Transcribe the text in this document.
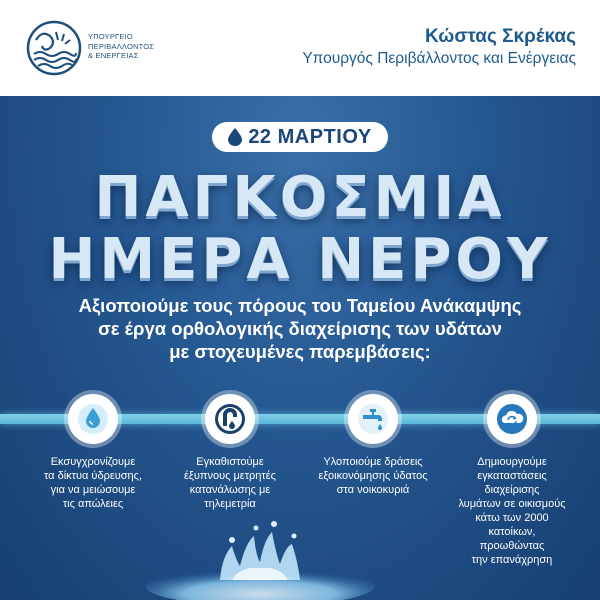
ΥΠΟΥΡΓΕΙΟ
ΠΕΡΙΒΑΛΛΟΝΤΟΣ
& ΕΝΕΡΓΕΙΑΣ
Κώστας Σκρέκας
Υπουργός Περιβάλλοντος και Ενέργειας
22 ΜΑΡΤΙΟΥ
ΠΑΓΚΟΣΜΙΑ
ΗΜΕΡΑ ΝΕΡΟΥ
Αξιοποιούμε τους πόρους του Ταμείου Ανάκαμψης
σε έργα ορθολογικής διαχείρισης των υδάτων
με στοχευμένες παρεμβάσεις:
Εκσυγχρονίζουμε
τα δίκτυα ύδρευσης,
για να μειώσουμε
τις απώλειες
Εγκαθιστούμε
έξυπνους μετρητές
κατανάλωσης με
τηλεμετρία
Υλοποιούμε δράσεις
εξοικονόμησης ύδατος
στα νοικοκυριά
Δημιουργούμε
εγκαταστάσεις
διαχείρισης
λυμάτων σε οικισμούς
κάτω των 2000
κατοίκων,
προωθώντας
την επανάχρηση
